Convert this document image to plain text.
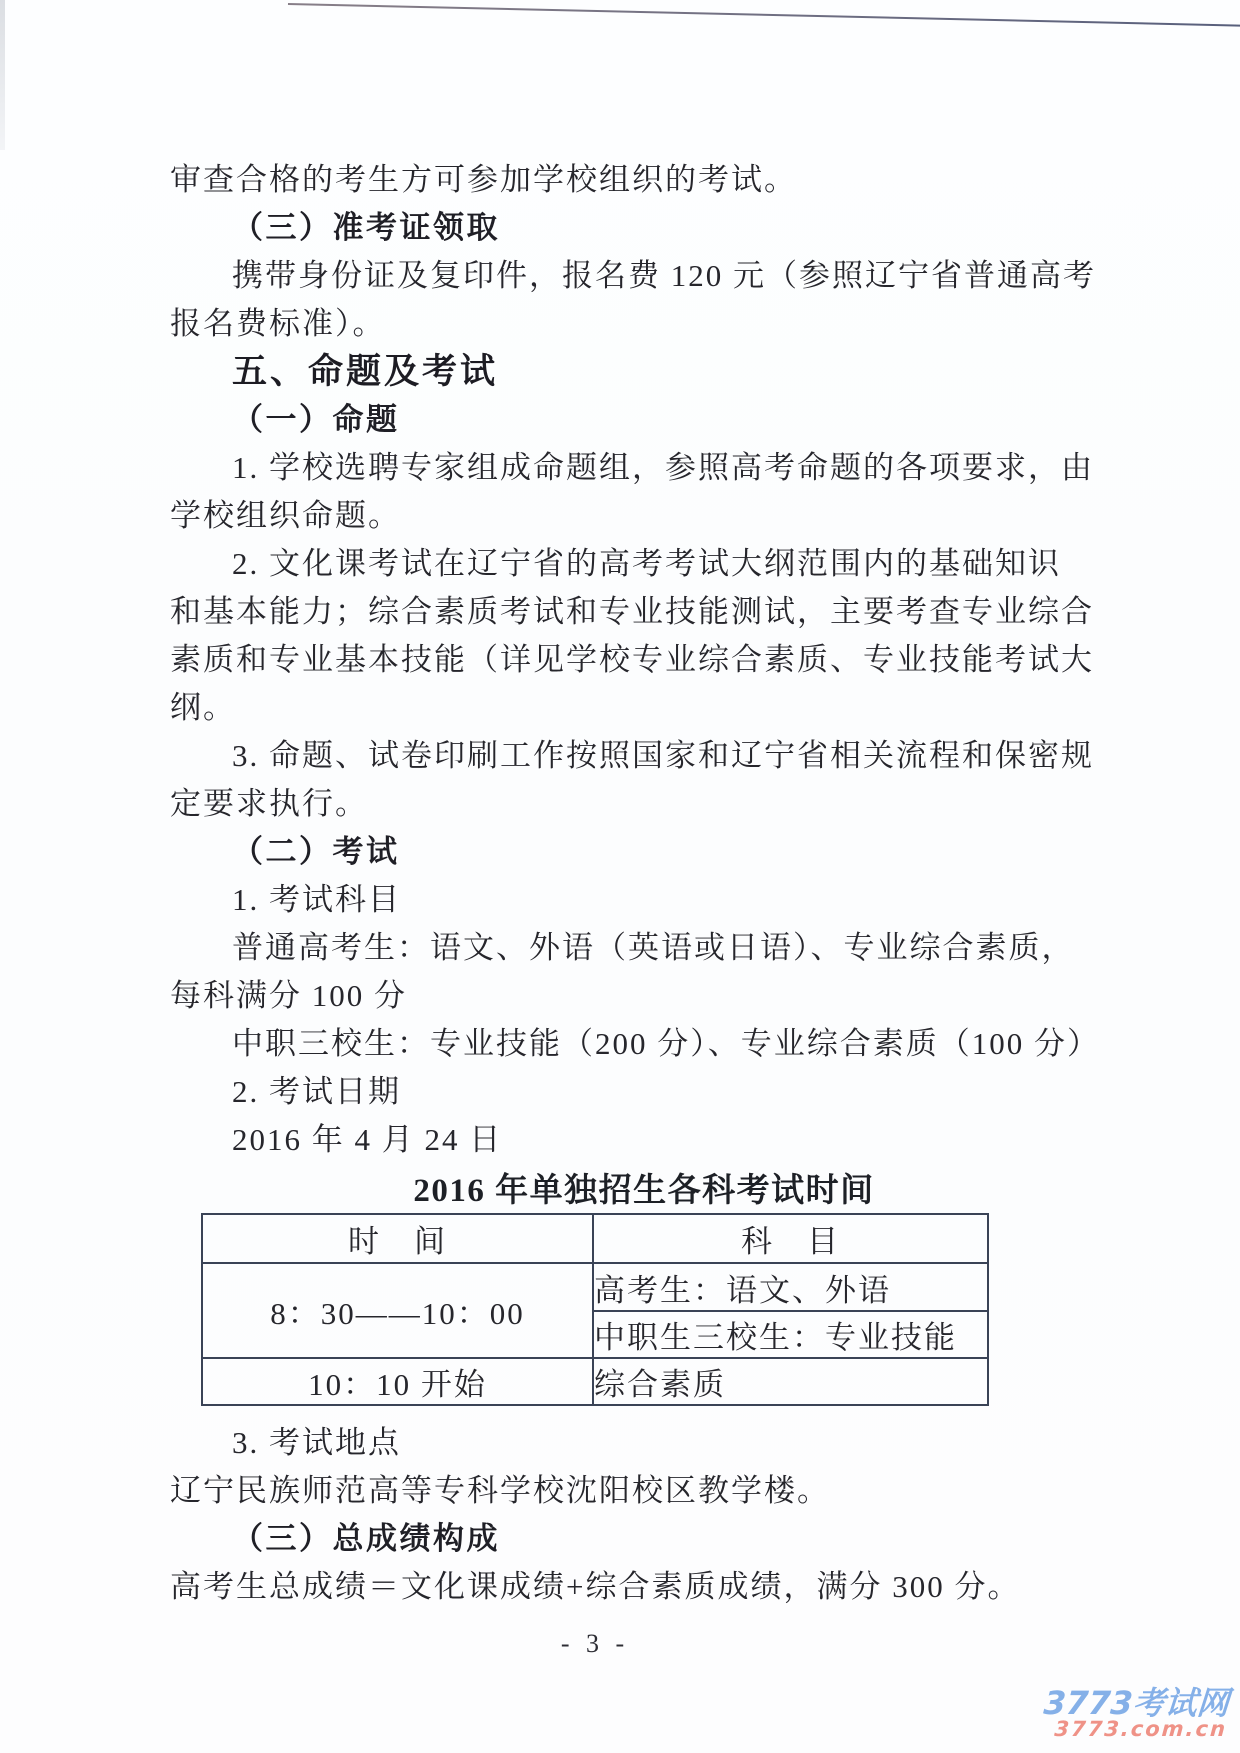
审查合格的考生方可参加学校组织的考试。
（三）准考证领取
携带身份证及复印件，报名费 120 元（参照辽宁省普通高考
报名费标准）。
五、命题及考试
（一）命题
1. 学校选聘专家组成命题组，参照高考命题的各项要求，由
学校组织命题。
2. 文化课考试在辽宁省的高考考试大纲范围内的基础知识
和基本能力；综合素质考试和专业技能测试，主要考查专业综合
素质和专业基本技能（详见学校专业综合素质、专业技能考试大
纲。
3. 命题、试卷印刷工作按照国家和辽宁省相关流程和保密规
定要求执行。
（二）考试
1. 考试科目
普通高考生：语文、外语（英语或日语）、专业综合素质，
每科满分 100 分
中职三校生：专业技能（200 分）、专业综合素质（100 分）
2. 考试日期
2016 年 4 月 24 日
2016 年单独招生各科考试时间
时　间	科　目
8：30——10：00	高考生：语文、外语
	中职生三校生：专业技能
10：10 开始	综合素质
3. 考试地点
辽宁民族师范高等专科学校沈阳校区教学楼。
（三）总成绩构成
高考生总成绩＝文化课成绩+综合素质成绩，满分 300 分。
- 3 -
3773考试网
3773.com.cn
